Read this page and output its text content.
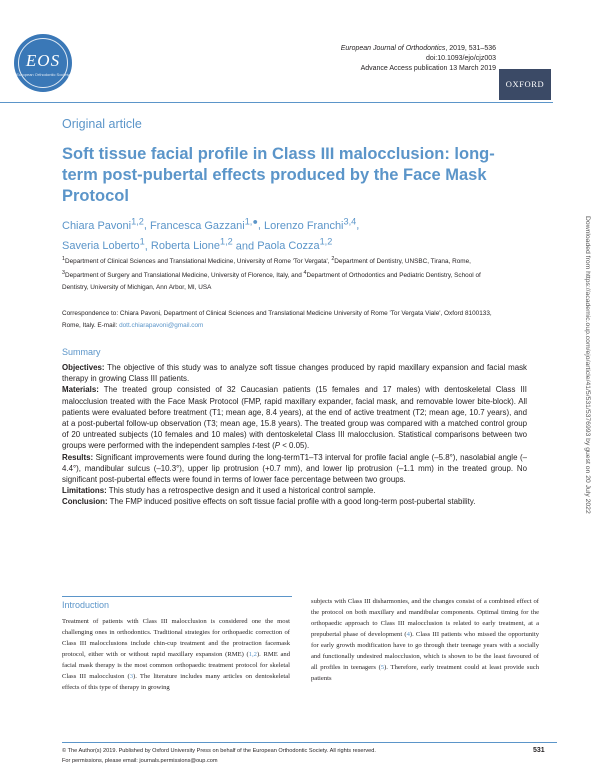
EOS
European Orthodontic Society
European Journal of Orthodontics, 2019, 531–536
doi:10.1093/ejo/cjz003
Advance Access publication 13 March 2019
OXFORD
Original article
Soft tissue facial profile in Class III malocclusion: long-term post-pubertal effects produced by the Face Mask Protocol
Chiara Pavoni$^{1,2}$, Francesca Gazzani$^{1,●}$, Lorenzo Franchi$^{3,4}$,
Saveria Loberto$^1$, Roberta Lione$^{1,2}$ and Paola Cozza$^{1,2}$
$^1$Department of Clinical Sciences and Translational Medicine, University of Rome 'Tor Vergata', $^2$Department of Dentistry, UNSBC, Tirana, Rome, $^3$Department of Surgery and Translational Medicine, University of Florence, Italy, and $^4$Department of Orthodontics and Pediatric Dentistry, School of Dentistry, University of Michigan, Ann Arbor, MI, USA
Correspondence to: Chiara Pavoni, Department of Clinical Sciences and Translational Medicine University of Rome 'Tor Vergata Viale', Oxford 8100133, Rome, Italy. E-mail: dott.chiarapavoni@gmail.com
Summary

Objectives: The objective of this study was to analyze soft tissue changes produced by rapid maxillary expansion and facial mask therapy in growing Class III patients.

Materials: The treated group consisted of 32 Caucasian patients (15 females and 17 males) with dentoskeletal Class III malocclusion treated with the Face Mask Protocol (FMP, rapid maxillary expander, facial mask, and removable lower bite-block). All patients were evaluated before treatment (T1; mean age, 8.4 years), at the end of active treatment (T2; mean age, 10.7 years), and at a post-pubertal follow-up observation (T3; mean age, 15.8 years). The treated group was compared with a matched control group of 20 untreated subjects (10 females and 10 males) with dentoskeletal Class III malocclusion. Statistical comparisons between two groups were performed with the independent samples t-test (P < 0.05).

Results: Significant improvements were found during the long-termT1–T3 interval for profile facial angle (–5.8°), nasolabial angle (–4.4°), mandibular sulcus (–10.3°), upper lip protrusion (+0.7 mm), and lower lip protrusion (–1.1 mm) in the treated group. No significant post-pubertal effects were found in terms of lower face percentage between two groups.

Limitations: This study has a retrospective design and it used a historical control sample.

Conclusion: The FMP induced positive effects on soft tissue facial profile with a good long-term post-pubertal stability.

Introduction

Treatment of patients with Class III malocclusion is considered one the most challenging ones in orthodontics. Traditional strategies for orthopaedic correction of Class III malocclusions include chin-cup treatment and the protraction facemask protocol, either with or without rapid maxillary expansion (RME) (1,2). RME and facial mask therapy is the most common orthopaedic treatment protocol for skeletal Class III malocclusion (3). The literature includes many articles on dentoskeletal effects of this type of therapy in growing

subjects with Class III disharmonies, and the changes consist of a combined effect of the protocol on both maxillary and mandibular components. Optimal timing for the orthopaedic approach to Class III malocclusion is related to early treatment, at a prepubertal phase of development (4). Class III patients who missed the opportunity for early growth modification have to go through their teenage years with a socially and functionally undesired malocclusion, which is shown to be the least favoured of all profiles in teenagers (5). Therefore, early treatment could at least provide such patients

© The Author(s) 2019. Published by Oxford University Press on behalf of the European Orthodontic Society. All rights reserved.
For permissions, please email: journals.permissions@oup.com
531
Downloaded from https://academic.oup.com/ejo/article/41/5/531/5376993 by guest on 20 July 2022
